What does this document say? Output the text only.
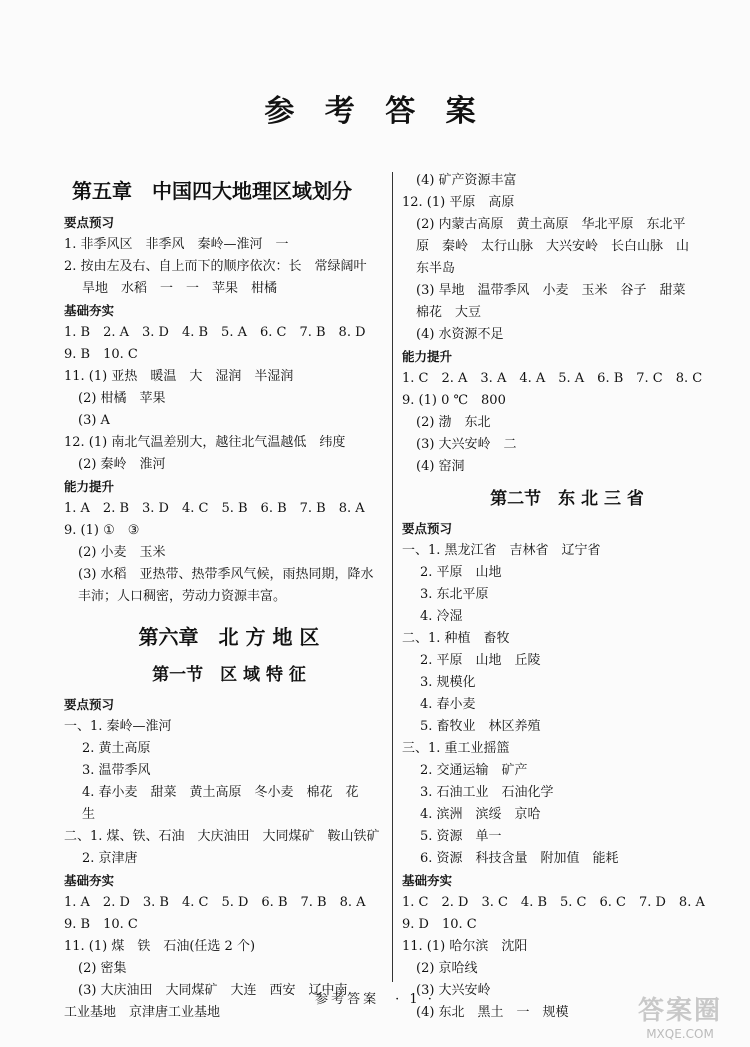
参 考 答 案
第五章　中国四大地理区域划分
要点预习
1. 非季风区　非季风　秦岭—淮河　一
2. 按由左及右、自上而下的顺序依次：长　常绿阔叶
旱地　水稻　一　一　苹果　柑橘
基础夯实
1. B　2. A　3. D　4. B　5. A　6. C　7. B　8. D
9. B　10. C
11. (1) 亚热　暖温　大　湿润　半湿润
(2) 柑橘　苹果
(3) A
12. (1) 南北气温差别大，越往北气温越低　纬度
(2) 秦岭　淮河
能力提升
1. A　2. B　3. D　4. C　5. B　6. B　7. B　8. A
9. (1) ①　③
(2) 小麦　玉米
(3) 水稻　亚热带、热带季风气候，雨热同期，降水
丰沛；人口稠密，劳动力资源丰富。
第六章　北 方 地 区
第一节　区 域 特 征
要点预习
一、1. 秦岭—淮河
2. 黄土高原
3. 温带季风
4. 春小麦　甜菜　黄土高原　冬小麦　棉花　花
生
二、1. 煤、铁、石油　大庆油田　大同煤矿　鞍山铁矿
2. 京津唐
基础夯实
1. A　2. D　3. B　4. C　5. D　6. B　7. B　8. A
9. B　10. C
11. (1) 煤　铁　石油(任选 2 个)
(2) 密集
(3) 大庆油田　大同煤矿　大连　西安　辽中南
工业基地　京津唐工业基地
(4) 矿产资源丰富
12. (1) 平原　高原
(2) 内蒙古高原　黄土高原　华北平原　东北平
原　秦岭　太行山脉　大兴安岭　长白山脉　山
东半岛
(3) 旱地　温带季风　小麦　玉米　谷子　甜菜
棉花　大豆
(4) 水资源不足
能力提升
1. C　2. A　3. A　4. A　5. A　6. B　7. C　8. C
9. (1) 0 ℃　800
(2) 渤　东北
(3) 大兴安岭　二
(4) 窑洞
第二节　东 北 三 省
要点预习
一、1. 黑龙江省　吉林省　辽宁省
2. 平原　山地
3. 东北平原
4. 冷湿
二、1. 种植　畜牧
2. 平原　山地　丘陵
3. 规模化
4. 春小麦
5. 畜牧业　林区养殖
三、1. 重工业摇篮
2. 交通运输　矿产
3. 石油工业　石油化学
4. 滨洲　滨绥　京哈
5. 资源　单一
6. 资源　科技含量　附加值　能耗
基础夯实
1. C　2. D　3. C　4. B　5. C　6. C　7. D　8. A
9. D　10. C
11. (1) 哈尔滨　沈阳
(2) 京哈线
(3) 大兴安岭
(4) 东北　黑土　一　规模
参考答案　· 1 ·	答案圈
MXQE.COM
